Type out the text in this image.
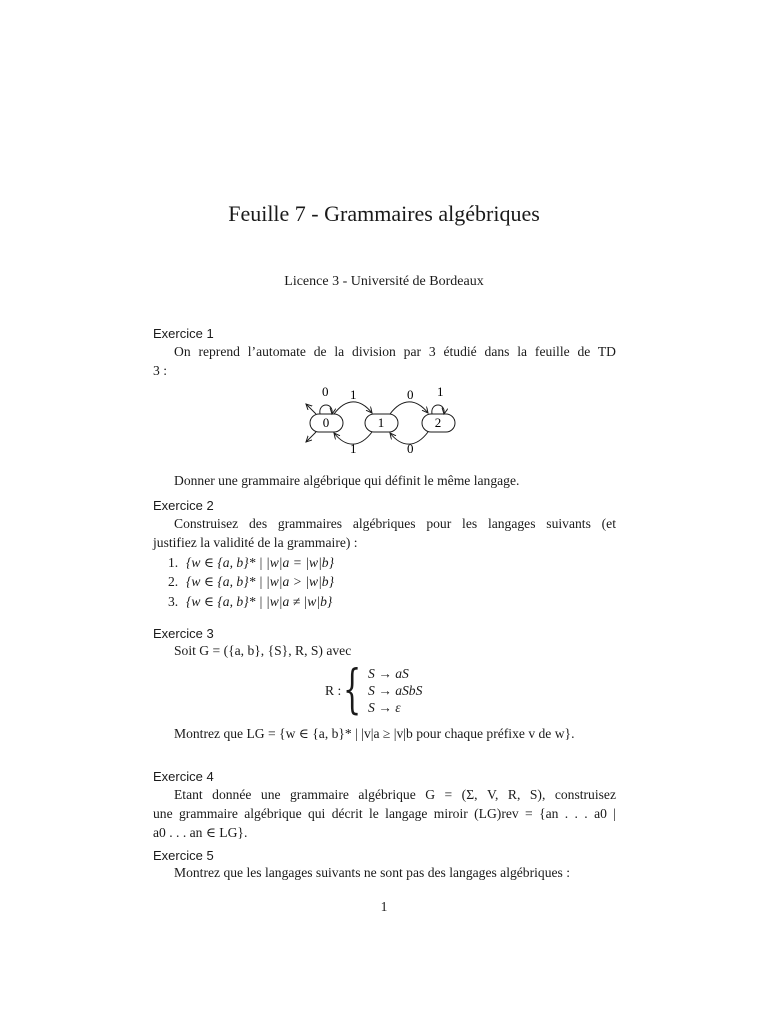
Feuille 7 - Grammaires algébriques
Licence 3 - Université de Bordeaux
Exercice 1
On reprend l’automate de la division par 3 étudié dans la feuille de TD
3 :
0	1	2
0	1
1	0
1	0
Donner une grammaire algébrique qui définit le même langage.
Exercice 2
Construisez des grammaires algébriques pour les langages suivants (et
justifiez la validité de la grammaire) :
1. {w ∈ {a, b}* | |w|a = |w|b}
2. {w ∈ {a, b}* | |w|a > |w|b}
3. {w ∈ {a, b}* | |w|a ≠ |w|b}
Exercice 3
Soit G = ({a, b}, {S}, R, S) avec
R : { S → aS
S → aSbS
S → ε
Montrez que LG = {w ∈ {a, b}* | |v|a ≥ |v|b pour chaque préfixe v de w}.
Exercice 4
Etant donnée une grammaire algébrique G = (Σ, V, R, S), construisez
une grammaire algébrique qui décrit le langage miroir (LG)rev = {an . . . a0 |
a0 . . . an ∈ LG}.
Exercice 5
Montrez que les langages suivants ne sont pas des langages algébriques :
1
